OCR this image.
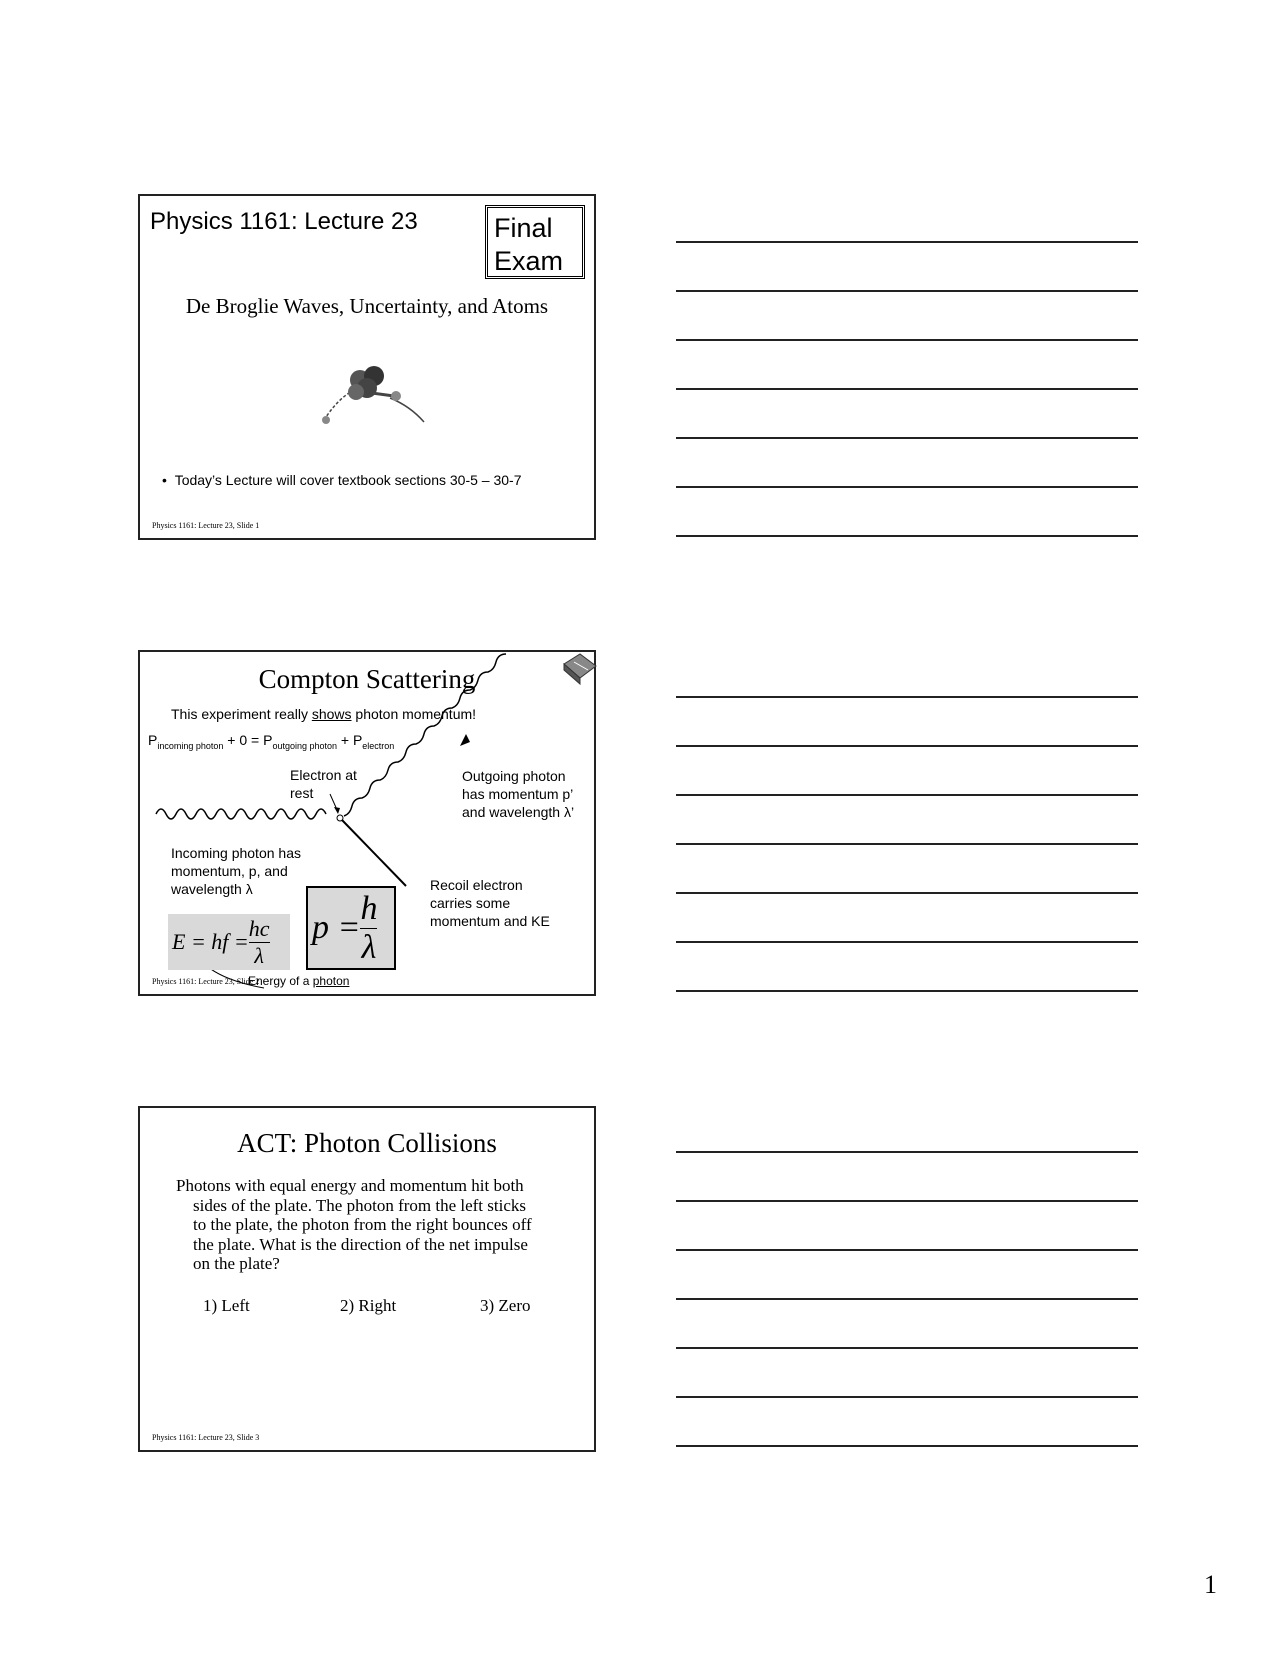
Physics 1161: Lecture 23	Final
Exam
De Broglie Waves, Uncertainty, and Atoms
• Today’s Lecture will cover textbook sections 30-5 – 30-7
Physics 1161: Lecture 23, Slide 1
Compton Scattering
This experiment really shows photon momentum!
$P_{incoming photon} + 0 = P_{outgoing photon} + P_{electron}$
Electron at
rest
Outgoing photon
has momentum p’
and wavelength λ’
Incoming photon has
momentum, p, and
wavelength λ	Recoil electron
carries some
momentum and KE
E = hf = $\frac{hc}{\lambda}$ $p = \frac{h}{\lambda}$
Energy of a photon
Physics 1161: Lecture 23, Slide 2
ACT: Photon Collisions
Photons with equal energy and momentum hit both
sides of the plate. The photon from the left sticks
to the plate, the photon from the right bounces off
the plate. What is the direction of the net impulse
on the plate?
1) Left	2) Right	3) Zero
Physics 1161: Lecture 23, Slide 3
1
